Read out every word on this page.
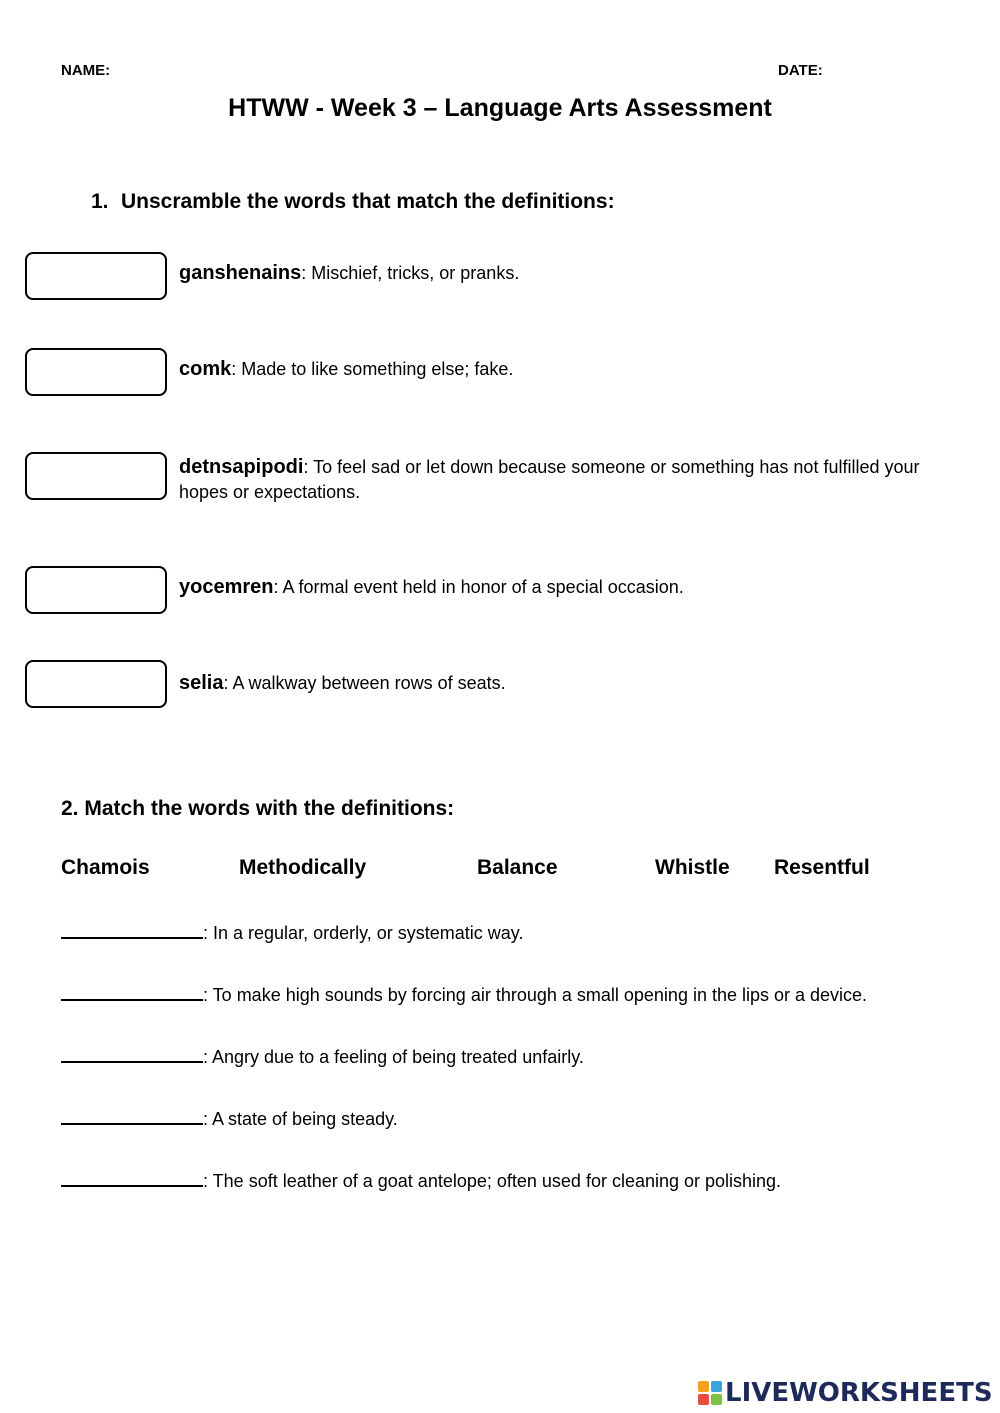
NAME:	DATE:
HTWW - Week 3 – Language Arts Assessment
1. Unscramble the words that match the definitions:
ganshenains: Mischief, tricks, or pranks.
comk: Made to like something else; fake.
detnsapipodi: To feel sad or let down because someone or something has not fulfilled your hopes or expectations.
yocemren: A formal event held in honor of a special occasion.
selia: A walkway between rows of seats.
2. Match the words with the definitions:
Chamois	Methodically	Balance	Whistle Resentful
: In a regular, orderly, or systematic way.
: To make high sounds by forcing air through a small opening in the lips or a device.
: Angry due to a feeling of being treated unfairly.
: A state of being steady.
: The soft leather of a goat antelope; often used for cleaning or polishing.
LIVEWORKSHEETS
